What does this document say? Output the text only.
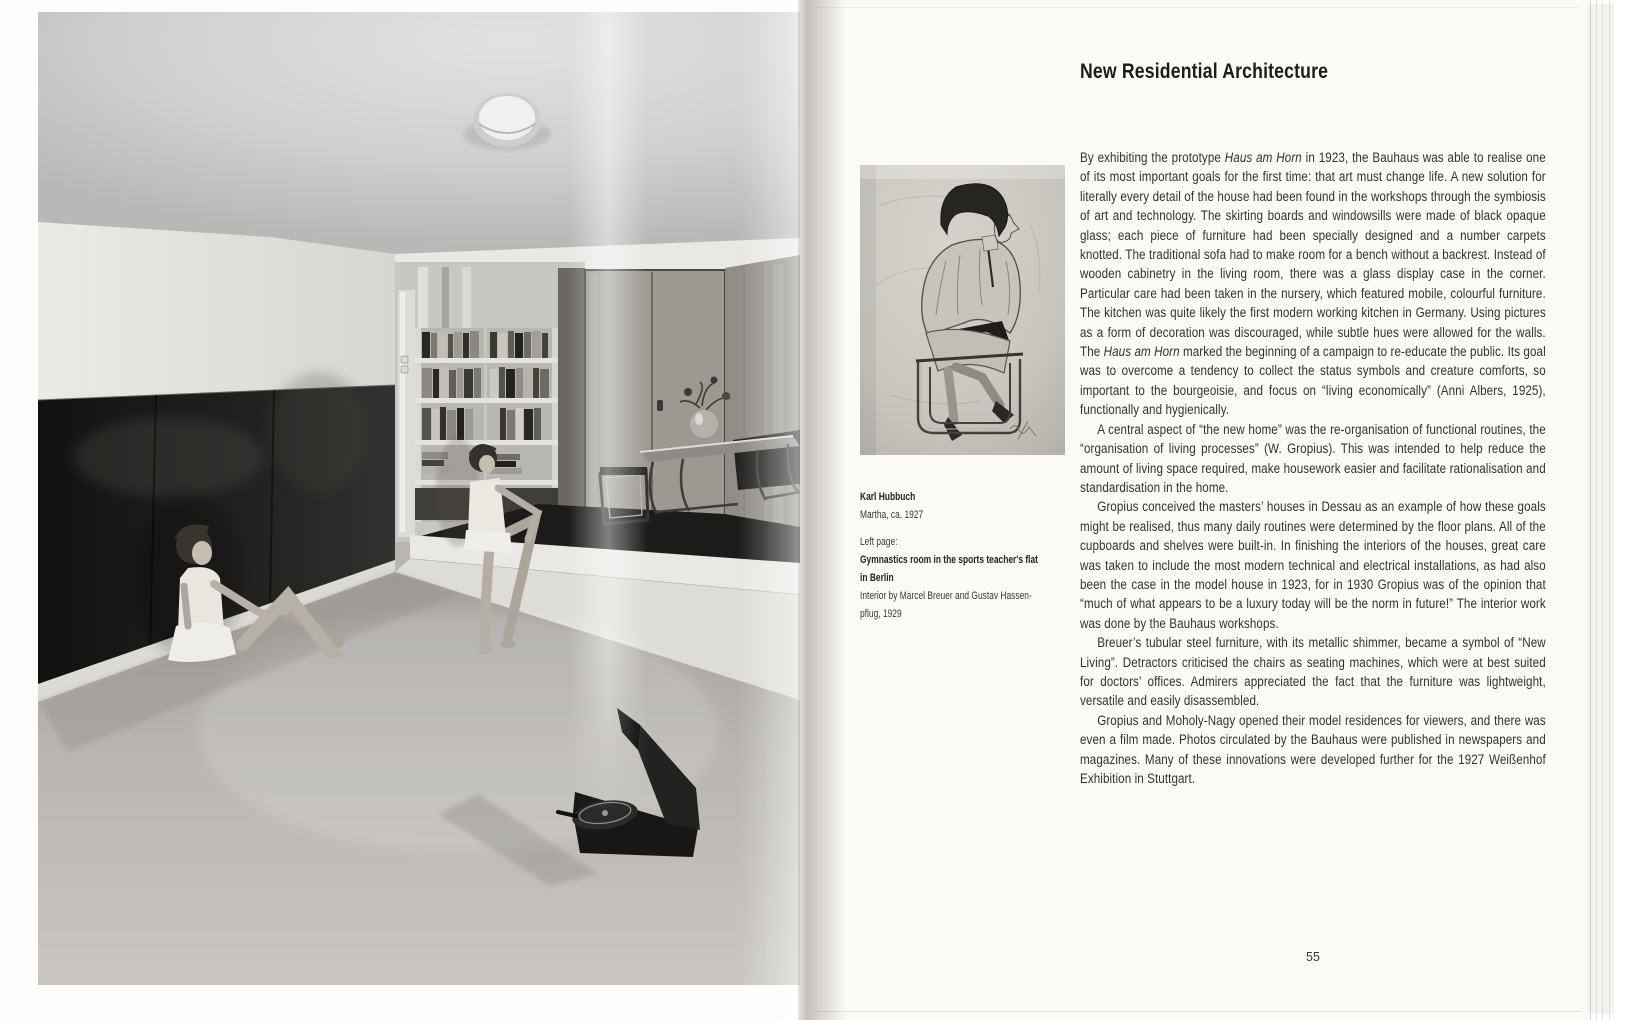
New Residential Architecture
Karl Hubbuch
Martha, ca. 1927
Left page:
Gymnastics room in the sports teacher's flat
in Berlin
Interior by Marcel Breuer and Gustav Hassen-
pflug, 1929

By exhibiting the prototype Haus am Horn in 1923, the Bauhaus was able to realise one of its most important goals for the first time: that art must change life. A new solution for literally every detail of the house had been found in the workshops through the symbiosis of art and technology. The skirting boards and windowsills were made of black opaque glass; each piece of furniture had been specially designed and a number carpets knotted. The traditional sofa had to make room for a bench without a backrest. Instead of wooden cabinetry in the living room, there was a glass display case in the corner. Particular care had been taken in the nursery, which featured mobile, colourful furniture. The kitchen was quite likely the first modern working kitchen in Germany. Using pictures as a form of decoration was discouraged, while subtle hues were allowed for the walls. The Haus am Horn marked the beginning of a campaign to re-educate the public. Its goal was to overcome a tendency to collect the status symbols and creature comforts, so important to the bourgeoisie, and focus on “living economically” (Anni Albers, 1925), functionally and hygienically.

A central aspect of “the new home” was the re-organisation of functional routines, the “organisation of living processes” (W. Gropius). This was intended to help reduce the amount of living space required, make housework easier and facilitate rationalisation and standardisation in the home.

Gropius conceived the masters’ houses in Dessau as an example of how these goals might be realised, thus many daily routines were determined by the floor plans. All of the cupboards and shelves were built-in. In finishing the interiors of the houses, great care was taken to include the most modern technical and electrical installations, as had also been the case in the model house in 1923, for in 1930 Gropius was of the opinion that “much of what appears to be a luxury today will be the norm in future!” The interior work was done by the Bauhaus workshops.

Breuer’s tubular steel furniture, with its metallic shimmer, became a symbol of “New Living”. Detractors criticised the chairs as seating machines, which were at best suited for doctors’ offices. Admirers appreciated the fact that the furniture was lightweight, versatile and easily disassembled.

Gropius and Moholy-Nagy opened their model residences for viewers, and there was even a film made. Photos circulated by the Bauhaus were published in newspapers and magazines. Many of these innovations were developed further for the 1927 Weißenhof Exhibition in Stuttgart.

55
